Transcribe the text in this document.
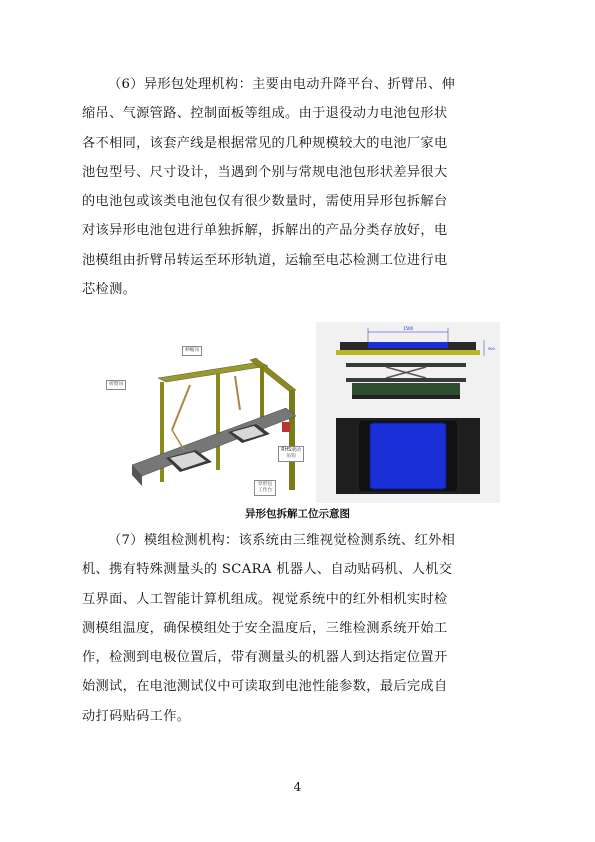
（6）异形包处理机构：主要由电动升降平台、折臂吊、伸
缩吊、气源管路、控制面板等组成。由于退役动力电池包形状
各不相同，该套产线是根据常见的几种规模较大的电池厂家电
池包型号、尺寸设计，当遇到个别与常规电池包形状差异很大
的电池包或该类电池包仅有很少数量时，需使用异形包拆解台
对该异形电池包进行单独拆解，拆解出的产品分类存放好，电
池模组由折臂吊转运至环形轨道，运输至电芯检测工位进行电
芯检测。
伸缩吊
折臂吊
RHS滚动吊钩
异形包工作台
1500
500
异形包拆解工位示意图
（7）模组检测机构：该系统由三维视觉检测系统、红外相
机、携有特殊测量头的 SCARA 机器人、自动贴码机、人机交
互界面、人工智能计算机组成。视觉系统中的红外相机实时检
测模组温度，确保模组处于安全温度后，三维检测系统开始工
作，检测到电极位置后，带有测量头的机器人到达指定位置开
始测试，在电池测试仪中可读取到电池性能参数，最后完成自
动打码贴码工作。
4
